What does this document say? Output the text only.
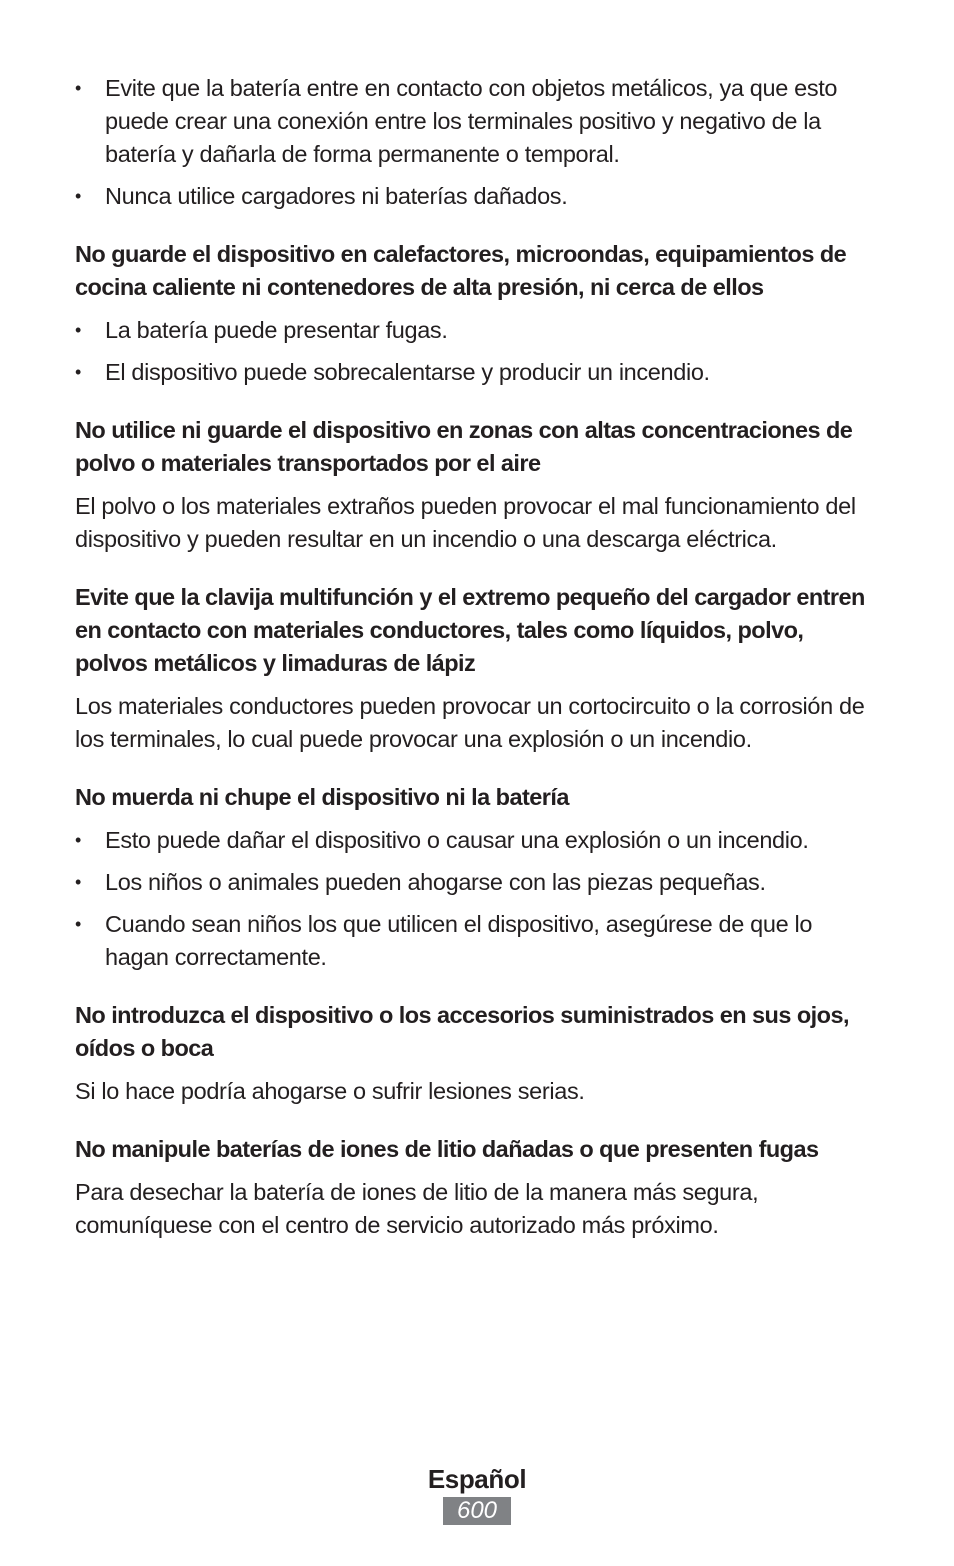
• Evite que la batería entre en contacto con objetos metálicos, ya que esto puede crear una conexión entre los terminales positivo y negativo de la batería y dañarla de forma permanente o temporal.
• Nunca utilice cargadores ni baterías dañados.
No guarde el dispositivo en calefactores, microondas, equipamientos de cocina caliente ni contenedores de alta presión, ni cerca de ellos
• La batería puede presentar fugas.
• El dispositivo puede sobrecalentarse y producir un incendio.
No utilice ni guarde el dispositivo en zonas con altas concentraciones de polvo o materiales transportados por el aire

El polvo o los materiales extraños pueden provocar el mal funcionamiento del dispositivo y pueden resultar en un incendio o una descarga eléctrica.

Evite que la clavija multifunción y el extremo pequeño del cargador entren en contacto con materiales conductores, tales como líquidos, polvo, polvos metálicos y limaduras de lápiz

Los materiales conductores pueden provocar un cortocircuito o la corrosión de los terminales, lo cual puede provocar una explosión o un incendio.

No muerda ni chupe el dispositivo ni la batería
• Esto puede dañar el dispositivo o causar una explosión o un incendio.
• Los niños o animales pueden ahogarse con las piezas pequeñas.
• Cuando sean niños los que utilicen el dispositivo, asegúrese de que lo hagan correctamente.
No introduzca el dispositivo o los accesorios suministrados en sus ojos, oídos o boca

Si lo hace podría ahogarse o sufrir lesiones serias.

No manipule baterías de iones de litio dañadas o que presenten fugas

Para desechar la batería de iones de litio de la manera más segura, comuníquese con el centro de servicio autorizado más próximo.

Español
600
